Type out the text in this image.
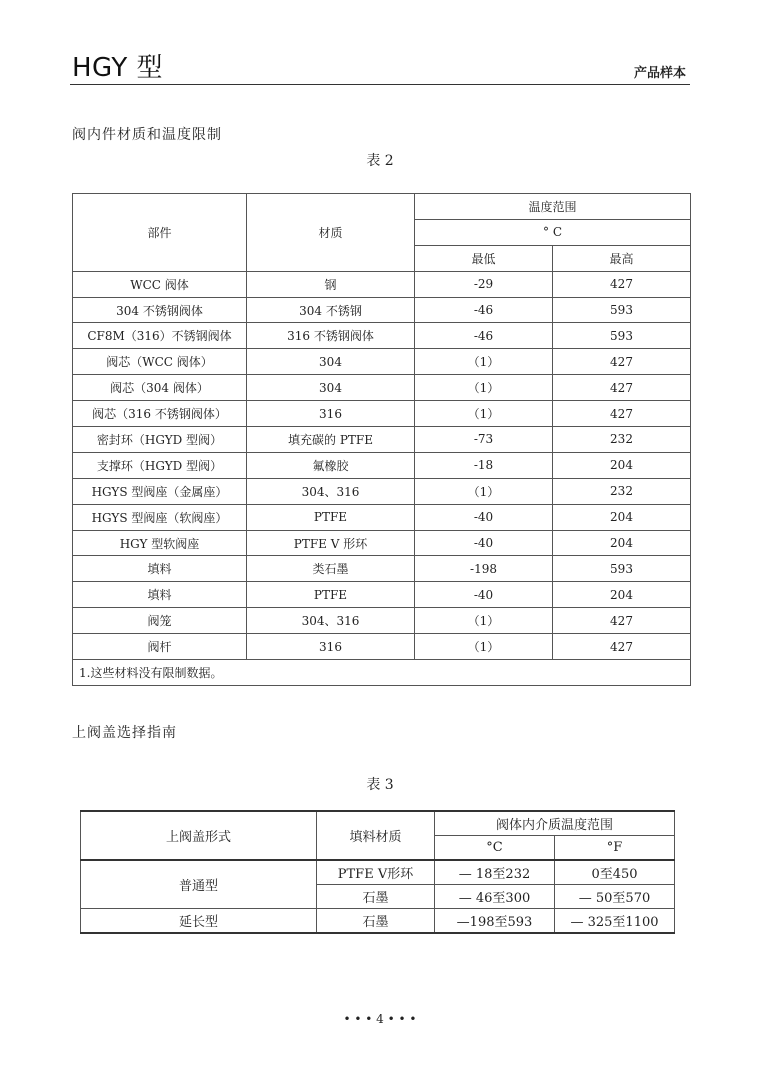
HGY 型	产品样本
阀内件材质和温度限制
表 2
部件	材质	温度范围	
		° C	
		最低	最高
WCC 阀体	钢	-29	427
304 不锈钢阀体	304 不锈钢	-46	593
CF8M（316）不锈钢阀体	316 不锈钢阀体	-46	593
阀芯（WCC 阀体）	304	（1）	427
阀芯（304 阀体）	304	（1）	427
阀芯（316 不锈钢阀体）	316	（1）	427
密封环（HGYD 型阀）	填充碳的 PTFE	-73	232
支撑环（HGYD 型阀）	氟橡胶	-18	204
HGYS 型阀座（金属座）	304、316	（1）	232
HGYS 型阀座（软阀座）	PTFE	-40	204
HGY 型软阀座	PTFE V 形环	-40	204
填料	类石墨	-198	593
填料	PTFE	-40	204
阀笼	304、316	（1）	427
阀杆	316	（1）	427
1.这些材料没有限制数据。			
上阀盖选择指南
表 3
上阀盖形式	填料材质	阀体内介质温度范围	
		°C	°F
普通型	PTFE V形环	— 18至232	0至450
	石墨	— 46至300	— 50至570
延长型	石墨	—198至593	— 325至1100
• • • 4 • • •
